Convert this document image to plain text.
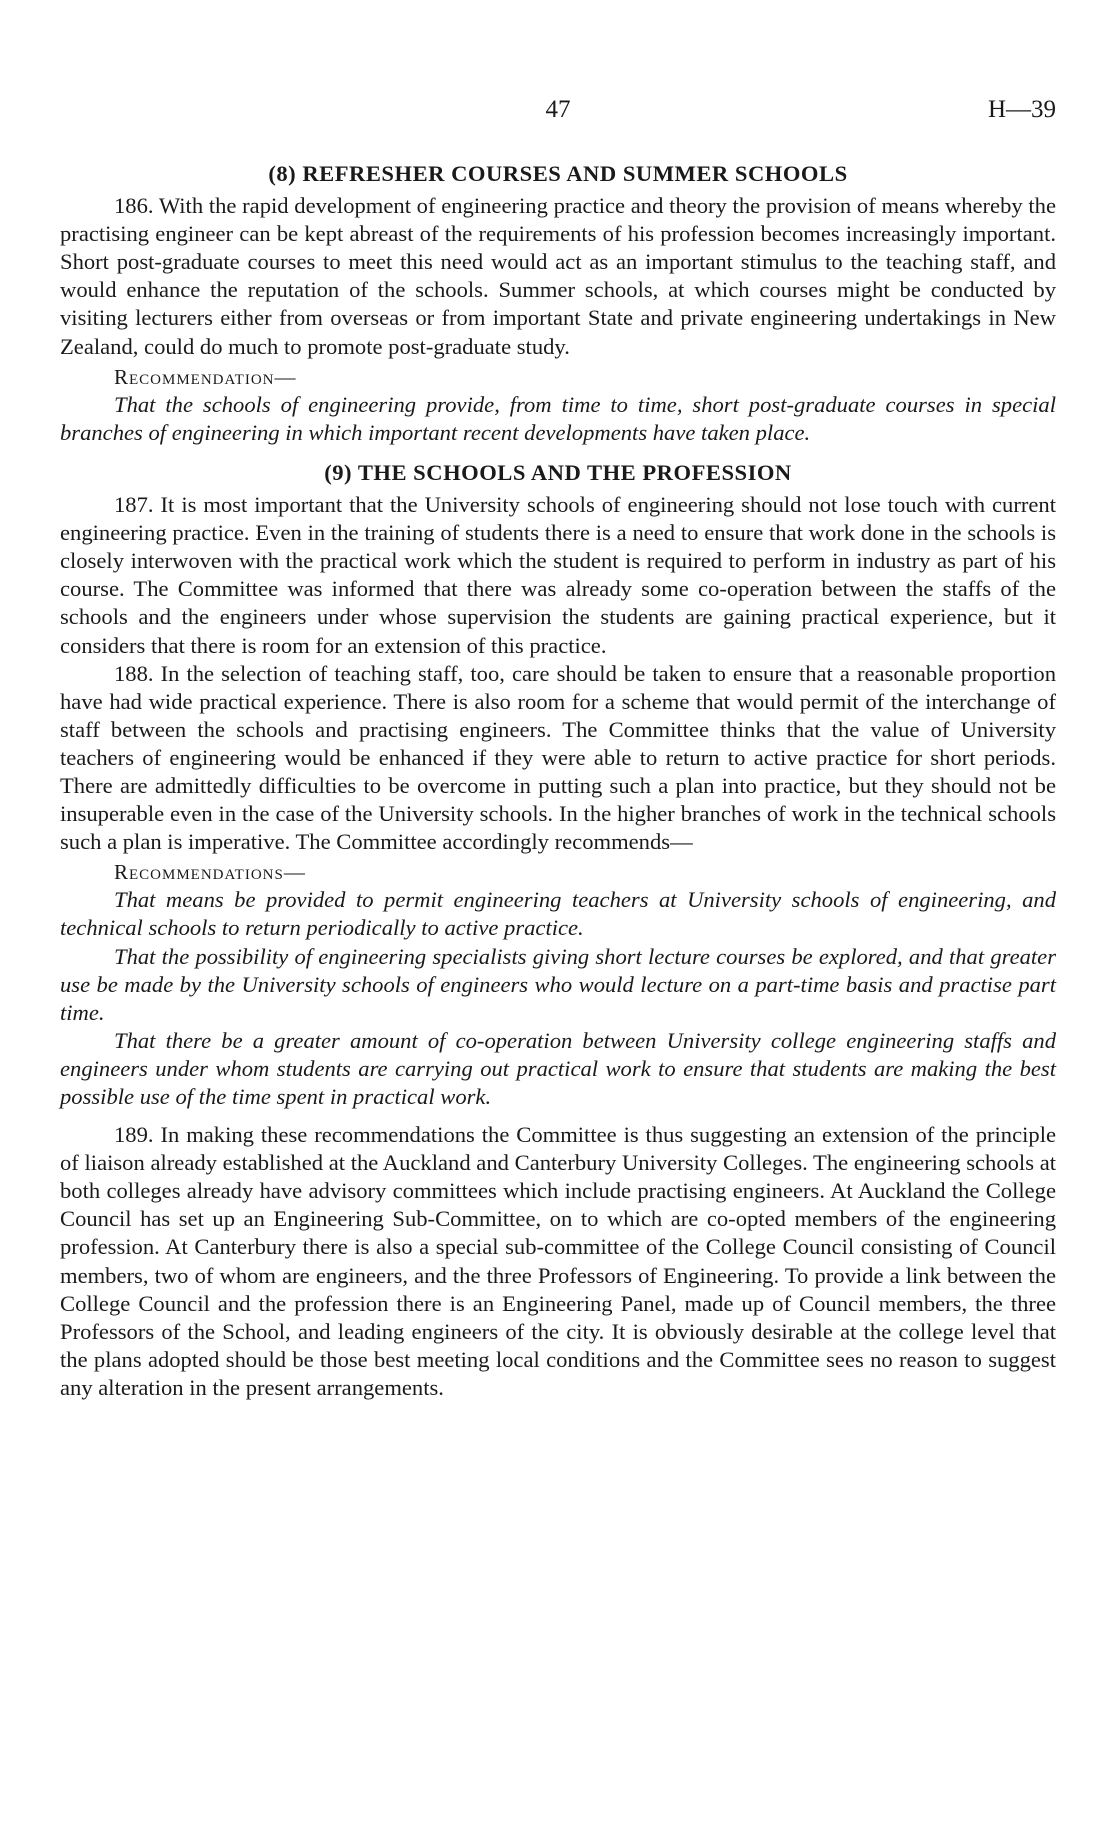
47	H—39
(8) REFRESHER COURSES AND SUMMER SCHOOLS

186. With the rapid development of engineering practice and theory the provision of means whereby the practising engineer can be kept abreast of the requirements of his profession becomes increasingly important. Short post-graduate courses to meet this need would act as an important stimulus to the teaching staff, and would enhance the reputation of the schools. Summer schools, at which courses might be conducted by visiting lecturers either from overseas or from important State and private engineering undertakings in New Zealand, could do much to promote post-graduate study.

Recommendation—

That the schools of engineering provide, from time to time, short post-graduate courses in special branches of engineering in which important recent developments have taken place.

(9) THE SCHOOLS AND THE PROFESSION

187. It is most important that the University schools of engineering should not lose touch with current engineering practice. Even in the training of students there is a need to ensure that work done in the schools is closely interwoven with the practical work which the student is required to perform in industry as part of his course. The Committee was informed that there was already some co-operation between the staffs of the schools and the engineers under whose supervision the students are gaining practical experience, but it considers that there is room for an extension of this practice.

188. In the selection of teaching staff, too, care should be taken to ensure that a reasonable proportion have had wide practical experience. There is also room for a scheme that would permit of the interchange of staff between the schools and practising engineers. The Committee thinks that the value of University teachers of engineering would be enhanced if they were able to return to active practice for short periods. There are admittedly difficulties to be overcome in putting such a plan into practice, but they should not be insuperable even in the case of the University schools. In the higher branches of work in the technical schools such a plan is imperative. The Committee accordingly recommends—

Recommendations—

That means be provided to permit engineering teachers at University schools of engineering, and technical schools to return periodically to active practice.

That the possibility of engineering specialists giving short lecture courses be explored, and that greater use be made by the University schools of engineers who would lecture on a part-time basis and practise part time.

That there be a greater amount of co-operation between University college engineering staffs and engineers under whom students are carrying out practical work to ensure that students are making the best possible use of the time spent in practical work.

189. In making these recommendations the Committee is thus suggesting an extension of the principle of liaison already established at the Auckland and Canterbury University Colleges. The engineering schools at both colleges already have advisory committees which include practising engineers. At Auckland the College Council has set up an Engineering Sub-Committee, on to which are co-opted members of the engineering profession. At Canterbury there is also a special sub-committee of the College Council consisting of Council members, two of whom are engineers, and the three Professors of Engineering. To provide a link between the College Council and the profession there is an Engineering Panel, made up of Council members, the three Professors of the School, and leading engineers of the city. It is obviously desirable at the college level that the plans adopted should be those best meeting local conditions and the Committee sees no reason to suggest any alteration in the present arrangements.
